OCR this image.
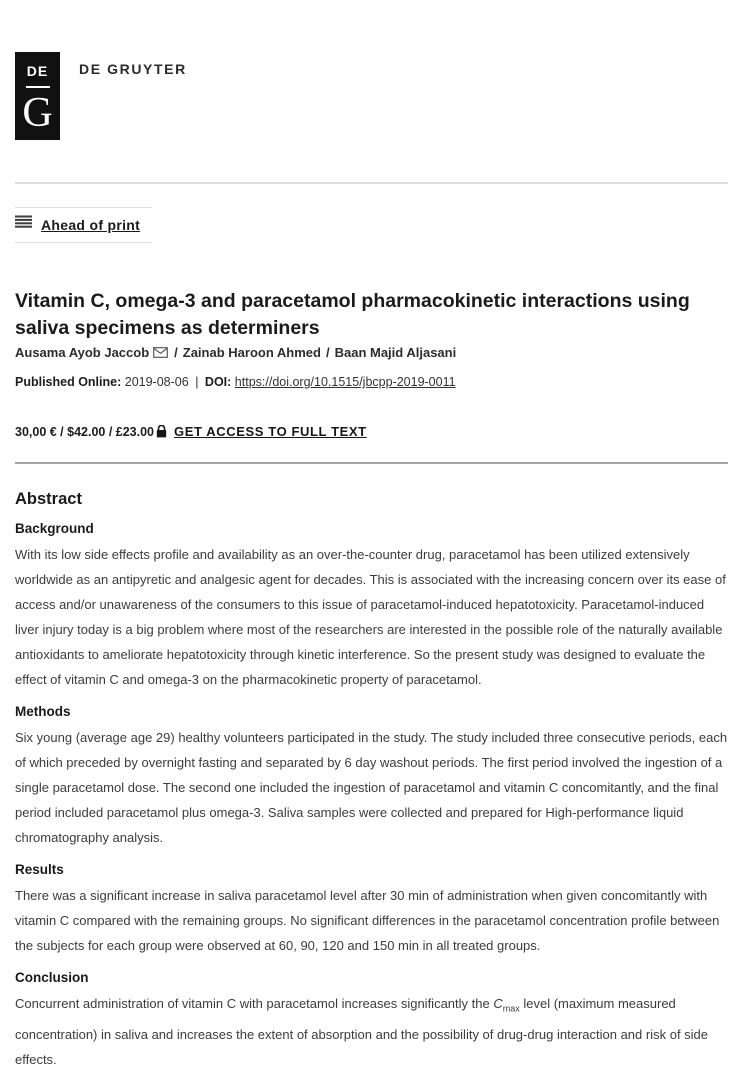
DE
G
DE GRUYTER
Ahead of print
Vitamin C, omega-3 and paracetamol pharmacokinetic interactions using saliva specimens as determiners
Ausama Ayob Jaccob / Zainab Haroon Ahmed / Baan Majid Aljasani
Published Online: 2019-08-06 | DOI: https://doi.org/10.1515/jbcpp-2019-0011
30,00 € / $42.00 / £23.00 GET ACCESS TO FULL TEXT
Abstract
Background

With its low side effects profile and availability as an over-the-counter drug, paracetamol has been utilized extensively worldwide as an antipyretic and analgesic agent for decades. This is associated with the increasing concern over its ease of access and/or unawareness of the consumers to this issue of paracetamol-induced hepatotoxicity. Paracetamol-induced liver injury today is a big problem where most of the researchers are interested in the possible role of the naturally available antioxidants to ameliorate hepatotoxicity through kinetic interference. So the present study was designed to evaluate the effect of vitamin C and omega-3 on the pharmacokinetic property of paracetamol.

Methods

Six young (average age 29) healthy volunteers participated in the study. The study included three consecutive periods, each of which preceded by overnight fasting and separated by 6 day washout periods. The first period involved the ingestion of a single paracetamol dose. The second one included the ingestion of paracetamol and vitamin C concomitantly, and the final period included paracetamol plus omega-3. Saliva samples were collected and prepared for High-performance liquid chromatography analysis.

Results

There was a significant increase in saliva paracetamol level after 30 min of administration when given concomitantly with vitamin C compared with the remaining groups. No significant differences in the paracetamol concentration profile between the subjects for each group were observed at 60, 90, 120 and 150 min in all treated groups.

Conclusion

Concurrent administration of vitamin C with paracetamol increases significantly the $C_{max}$ level (maximum measured concentration) in saliva and increases the extent of absorption and the possibility of drug-drug interaction and risk of side effects.
